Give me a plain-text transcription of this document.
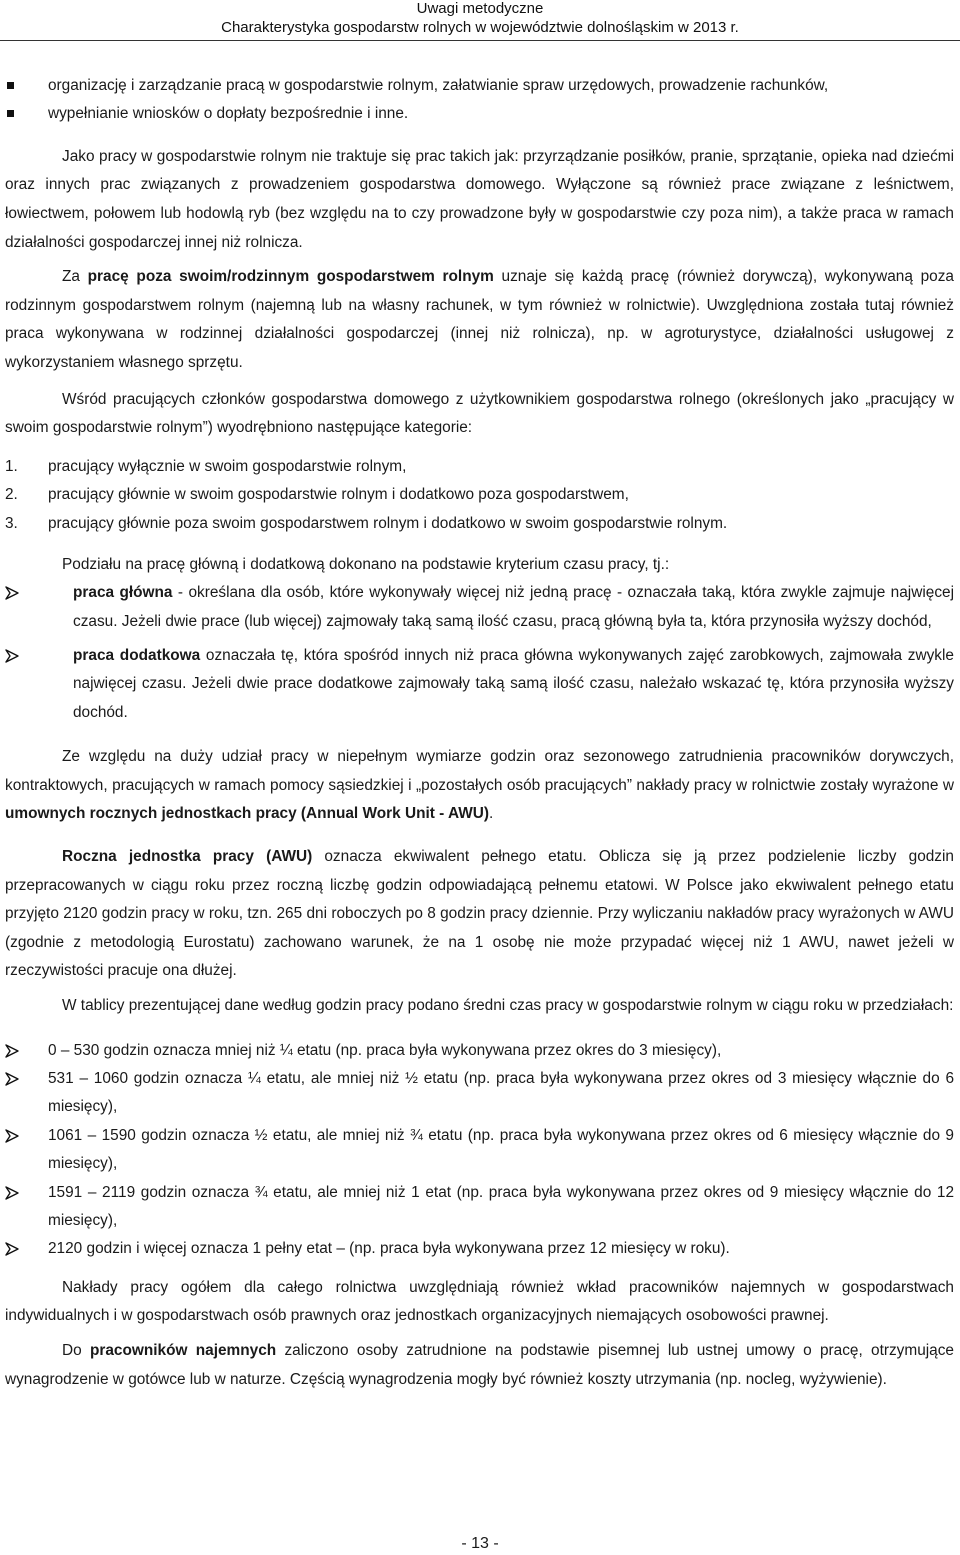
Uwagi metodyczne
Charakterystyka gospodarstw rolnych w województwie dolnośląskim w 2013 r.
organizację i zarządzanie pracą w gospodarstwie rolnym, załatwianie spraw urzędowych, prowadzenie rachunków,
wypełnianie wniosków o dopłaty bezpośrednie i inne.

Jako pracy w gospodarstwie rolnym nie traktuje się prac takich jak: przyrządzanie posiłków, pranie, sprzątanie, opieka nad dziećmi oraz innych prac związanych z prowadzeniem gospodarstwa domowego. Wyłączone są również prace związane z leśnictwem, łowiectwem, połowem lub hodowlą ryb (bez względu na to czy prowadzone były w gospodarstwie czy poza nim), a także praca w ramach działalności gospodarczej innej niż rolnicza.

Za pracę poza swoim/rodzinnym gospodarstwem rolnym uznaje się każdą pracę (również dorywczą), wykonywaną poza rodzinnym gospodarstwem rolnym (najemną lub na własny rachunek, w tym również w rolnictwie). Uwzględniona została tutaj również praca wykonywana w rodzinnej działalności gospodarczej (innej niż rolnicza), np. w agroturystyce, działalności usługowej z wykorzystaniem własnego sprzętu.

Wśród pracujących członków gospodarstwa domowego z użytkownikiem gospodarstwa rolnego (określonych jako „pracujący w swoim gospodarstwie rolnym”) wyodrębniono następujące kategorie:

1. pracujący wyłącznie w swoim gospodarstwie rolnym,
2. pracujący głównie w swoim gospodarstwie rolnym i dodatkowo poza gospodarstwem,
3. pracujący głównie poza swoim gospodarstwem rolnym i dodatkowo w swoim gospodarstwie rolnym.

Podziału na pracę główną i dodatkową dokonano na podstawie kryterium czasu pracy, tj.:

praca główna - określana dla osób, które wykonywały więcej niż jedną pracę - oznaczała taką, która zwykle zajmuje najwięcej czasu. Jeżeli dwie prace (lub więcej) zajmowały taką samą ilość czasu, pracą główną była ta, która przynosiła wyższy dochód,
praca dodatkowa oznaczała tę, która spośród innych niż praca główna wykonywanych zajęć zarobkowych, zajmowała zwykle najwięcej czasu. Jeżeli dwie prace dodatkowe zajmowały taką samą ilość czasu, należało wskazać tę, która przynosiła wyższy dochód.

Ze względu na duży udział pracy w niepełnym wymiarze godzin oraz sezonowego zatrudnienia pracowników dorywczych, kontraktowych, pracujących w ramach pomocy sąsiedzkiej i „pozostałych osób pracujących” nakłady pracy w rolnictwie zostały wyrażone w umownych rocznych jednostkach pracy (Annual Work Unit - AWU).

Roczna jednostka pracy (AWU) oznacza ekwiwalent pełnego etatu. Oblicza się ją przez podzielenie liczby godzin przepracowanych w ciągu roku przez roczną liczbę godzin odpowiadającą pełnemu etatowi. W Polsce jako ekwiwalent pełnego etatu przyjęto 2120 godzin pracy w roku, tzn. 265 dni roboczych po 8 godzin pracy dziennie. Przy wyliczaniu nakładów pracy wyrażonych w AWU (zgodnie z metodologią Eurostatu) zachowano warunek, że na 1 osobę nie może przypadać więcej niż 1 AWU, nawet jeżeli w rzeczywistości pracuje ona dłużej.

W tablicy prezentującej dane według godzin pracy podano średni czas pracy w gospodarstwie rolnym w ciągu roku w przedziałach:

0 – 530 godzin oznacza mniej niż ¼ etatu (np. praca była wykonywana przez okres do 3 miesięcy),
531 – 1060 godzin oznacza ¼ etatu, ale mniej niż ½ etatu (np. praca była wykonywana przez okres od 3 miesięcy włącznie do 6 miesięcy),
1061 – 1590 godzin oznacza ½ etatu, ale mniej niż ¾ etatu (np. praca była wykonywana przez okres od 6 miesięcy włącznie do 9 miesięcy),
1591 – 2119 godzin oznacza ¾ etatu, ale mniej niż 1 etat (np. praca była wykonywana przez okres od 9 miesięcy włącznie do 12 miesięcy),
2120 godzin i więcej oznacza 1 pełny etat – (np. praca była wykonywana przez 12 miesięcy w roku).

Nakłady pracy ogółem dla całego rolnictwa uwzględniają również wkład pracowników najemnych w gospodarstwach indywidualnych i w gospodarstwach osób prawnych oraz jednostkach organizacyjnych niemających osobowości prawnej.

Do pracowników najemnych zaliczono osoby zatrudnione na podstawie pisemnej lub ustnej umowy o pracę, otrzymujące wynagrodzenie w gotówce lub w naturze. Częścią wynagrodzenia mogły być również koszty utrzymania (np. nocleg, wyżywienie).

- 13 -
